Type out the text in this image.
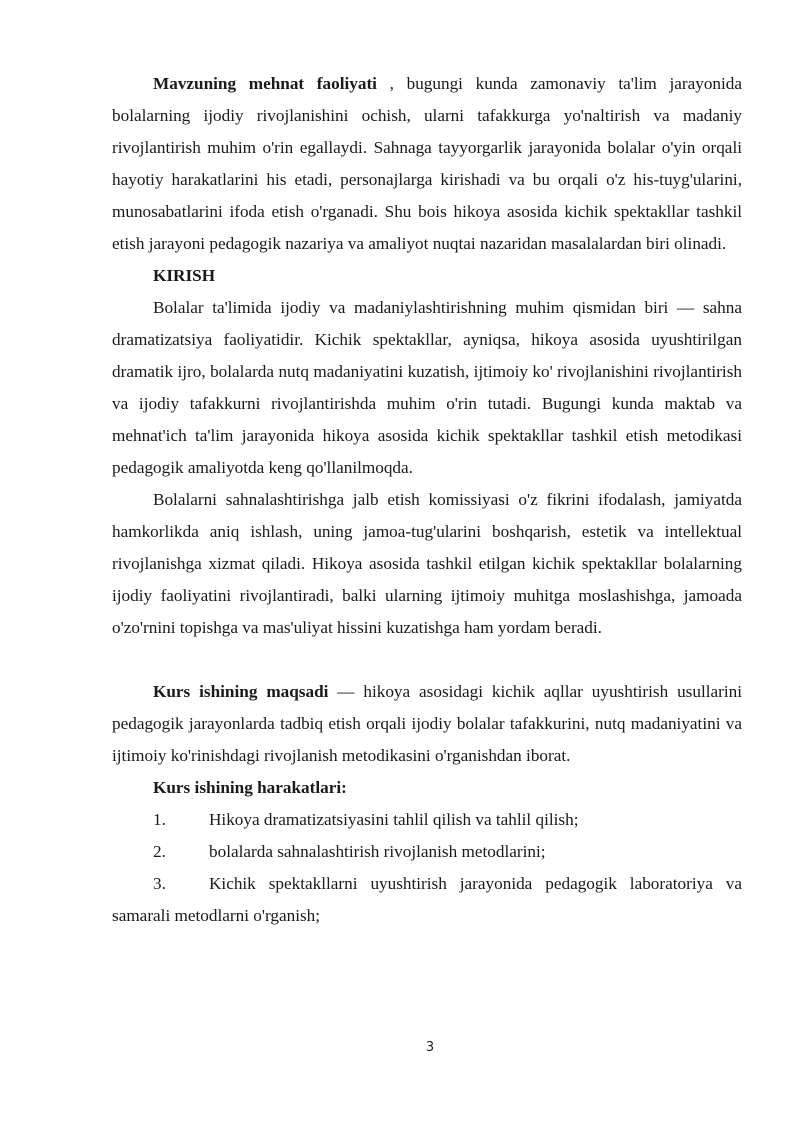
Mavzuning mehnat faoliyati , bugungi kunda zamonaviy ta'lim jarayonida bolalarning ijodiy rivojlanishini ochish, ularni tafakkurga yo'naltirish va madaniy rivojlantirish muhim o'rin egallaydi. Sahnaga tayyorgarlik jarayonida bolalar o'yin orqali hayotiy harakatlarini his etadi, personajlarga kirishadi va bu orqali o'z his-tuyg'ularini, munosabatlarini ifoda etish o'rganadi. Shu bois hikoya asosida kichik spektakllar tashkil etish jarayoni pedagogik nazariya va amaliyot nuqtai nazaridan masalalardan biri olinadi.

KIRISH

Bolalar ta'limida ijodiy va madaniylashtirishning muhim qismidan biri — sahna dramatizatsiya faoliyatidir. Kichik spektakllar, ayniqsa, hikoya asosida uyushtirilgan dramatik ijro, bolalarda nutq madaniyatini kuzatish, ijtimoiy ko' rivojlanishini rivojlantirish va ijodiy tafakkurni rivojlantirishda muhim o'rin tutadi. Bugungi kunda maktab va mehnat'ich ta'lim jarayonida hikoya asosida kichik spektakllar tashkil etish metodikasi pedagogik amaliyotda keng qo'llanilmoqda.

Bolalarni sahnalashtirishga jalb etish komissiyasi o'z fikrini ifodalash, jamiyatda hamkorlikda aniq ishlash, uning jamoa-tug'ularini boshqarish, estetik va intellektual rivojlanishga xizmat qiladi. Hikoya asosida tashkil etilgan kichik spektakllar bolalarning ijodiy faoliyatini rivojlantiradi, balki ularning ijtimoiy muhitga moslashishga, jamoada o'zo'rnini topishga va mas'uliyat hissini kuzatishga ham yordam beradi.

Kurs ishining maqsadi — hikoya asosidagi kichik aqllar uyushtirish usullarini pedagogik jarayonlarda tadbiq etish orqali ijodiy bolalar tafakkurini, nutq madaniyatini va ijtimoiy ko'rinishdagi rivojlanish metodikasini o'rganishdan iborat.

Kurs ishining harakatlari:

1.	Hikoya dramatizatsiyasini tahlil qilish va tahlil qilish;

2.	bolalarda sahnalashtirish rivojlanish metodlarini;

3.	Kichik spektakllarni uyushtirish jarayonida pedagogik laboratoriya va samarali metodlarni o'rganish;

3
